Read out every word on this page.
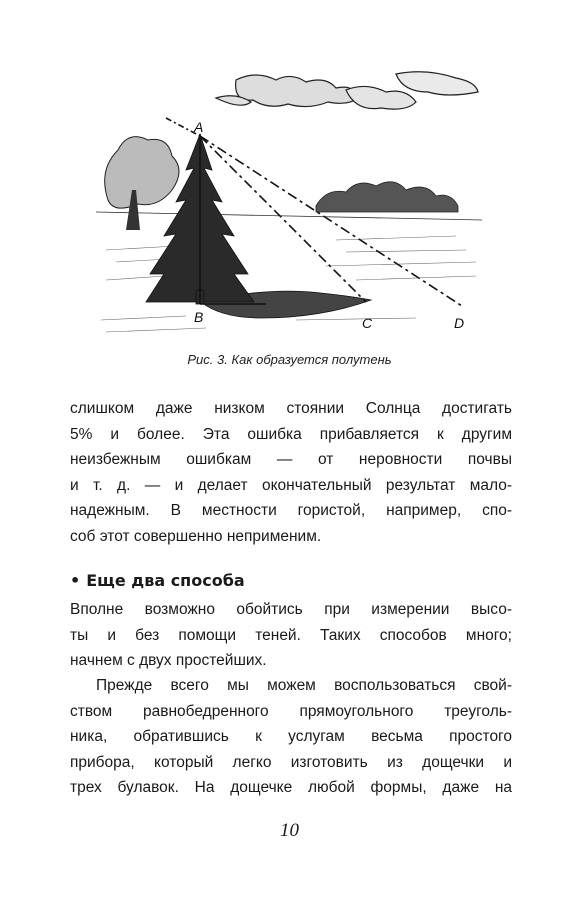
A
B	C	D
Рис. 3. Как образуется полутень
слишком даже низком стоянии Солнца достигать
5% и более. Эта ошибка прибавляется к другим
неизбежным ошибкам — от неровности почвы
и т. д. — и делает окончательный результат мало-
надежным. В местности гористой, например, спо-
соб этот совершенно неприменим.
• Еще два способа
Вполне возможно обойтись при измерении высо-
ты и без помощи теней. Таких способов много;
начнем с двух простейших.
Прежде всего мы можем воспользоваться свой-
ством равнобедренного прямоугольного треуголь-
ника, обратившись к услугам весьма простого
прибора, который легко изготовить из дощечки и
трех булавок. На дощечке любой формы, даже на
10
